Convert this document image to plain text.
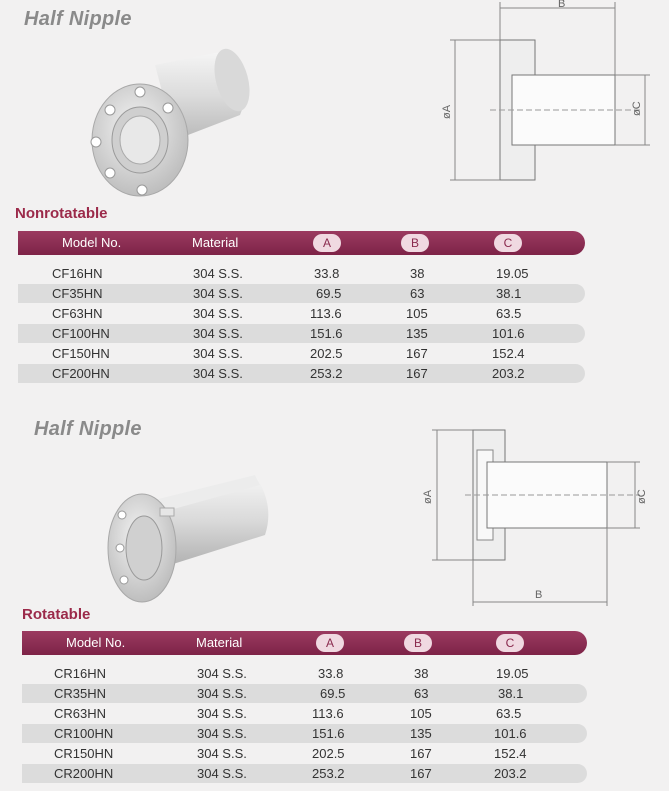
Half Nipple
B
øA	øC
Nonrotatable
Model No.	Material	A	B	C
CF16HN	304 S.S.	33.8	38	19.05
CF35HN	304 S.S.	69.5	63	38.1
CF63HN	304 S.S.	113.6	105	63.5
CF100HN	304 S.S.	151.6	135	101.6
CF150HN	304 S.S.	202.5	167	152.4
CF200HN	304 S.S.	253.2	167	203.2
Half Nipple
B
øA	øC
Rotatable
Model No.	Material	A	B	C
CR16HN	304 S.S.	33.8	38	19.05
CR35HN	304 S.S.	69.5	63	38.1
CR63HN	304 S.S.	113.6	105	63.5
CR100HN	304 S.S.	151.6	135	101.6
CR150HN	304 S.S.	202.5	167	152.4
CR200HN	304 S.S.	253.2	167	203.2
